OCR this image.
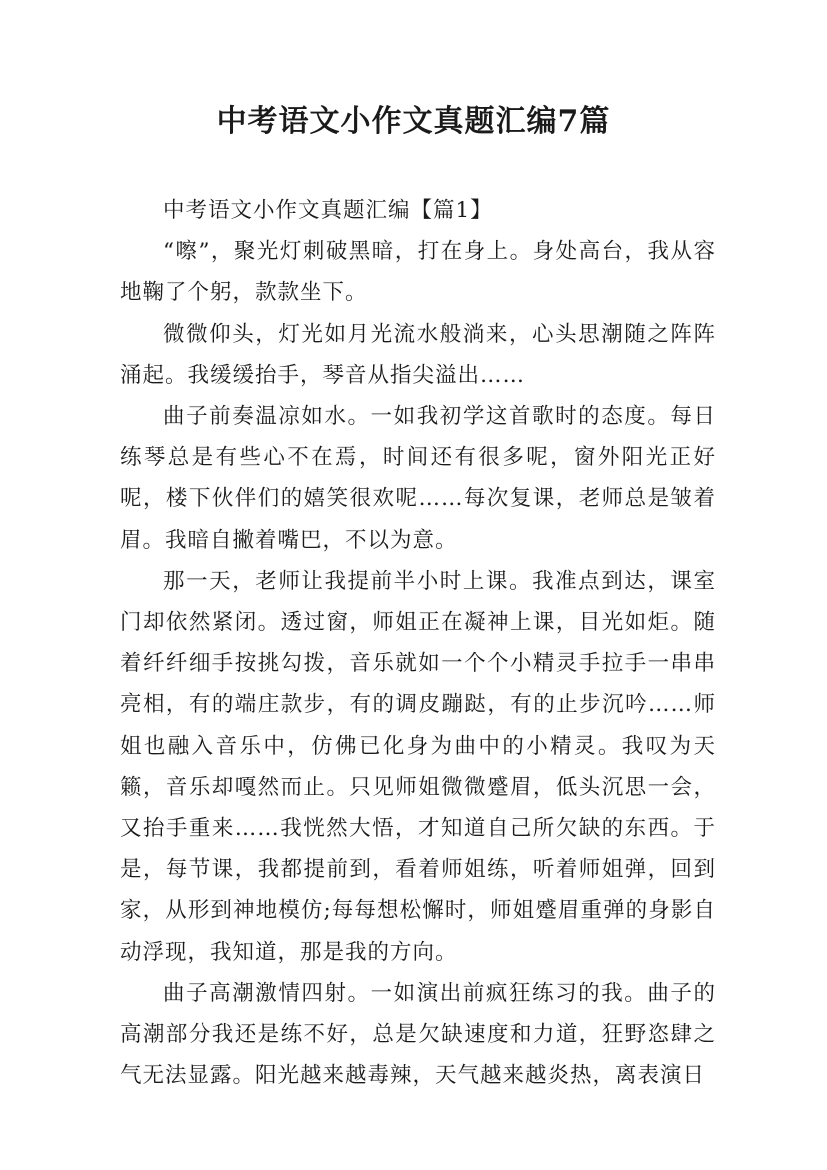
中考语文小作文真题汇编7篇

中考语文小作文真题汇编【篇1】

“嚓”，聚光灯刺破黑暗，打在身上。身处高台，我从容地鞠了个躬，款款坐下。

微微仰头，灯光如月光流水般淌来，心头思潮随之阵阵涌起。我缓缓抬手，琴音从指尖溢出……

曲子前奏温凉如水。一如我初学这首歌时的态度。每日练琴总是有些心不在焉，时间还有很多呢，窗外阳光正好呢，楼下伙伴们的嬉笑很欢呢……每次复课，老师总是皱着眉。我暗自撇着嘴巴，不以为意。

那一天，老师让我提前半小时上课。我准点到达，课室门却依然紧闭。透过窗，师姐正在凝神上课，目光如炬。随着纤纤细手按挑勾拨，音乐就如一个个小精灵手拉手一串串亮相，有的端庄款步，有的调皮蹦跶，有的止步沉吟……师姐也融入音乐中，仿佛已化身为曲中的小精灵。我叹为天籁，音乐却嘎然而止。只见师姐微微蹙眉，低头沉思一会，又抬手重来……我恍然大悟，才知道自己所欠缺的东西。于是，每节课，我都提前到，看着师姐练，听着师姐弹，回到家，从形到神地模仿;每每想松懈时，师姐蹙眉重弹的身影自动浮现，我知道，那是我的方向。

曲子高潮激情四射。一如演出前疯狂练习的我。曲子的高潮部分我还是练不好，总是欠缺速度和力道，狂野恣肆之气无法显露。阳光越来越毒辣，天气越来越炎热，离表演日
